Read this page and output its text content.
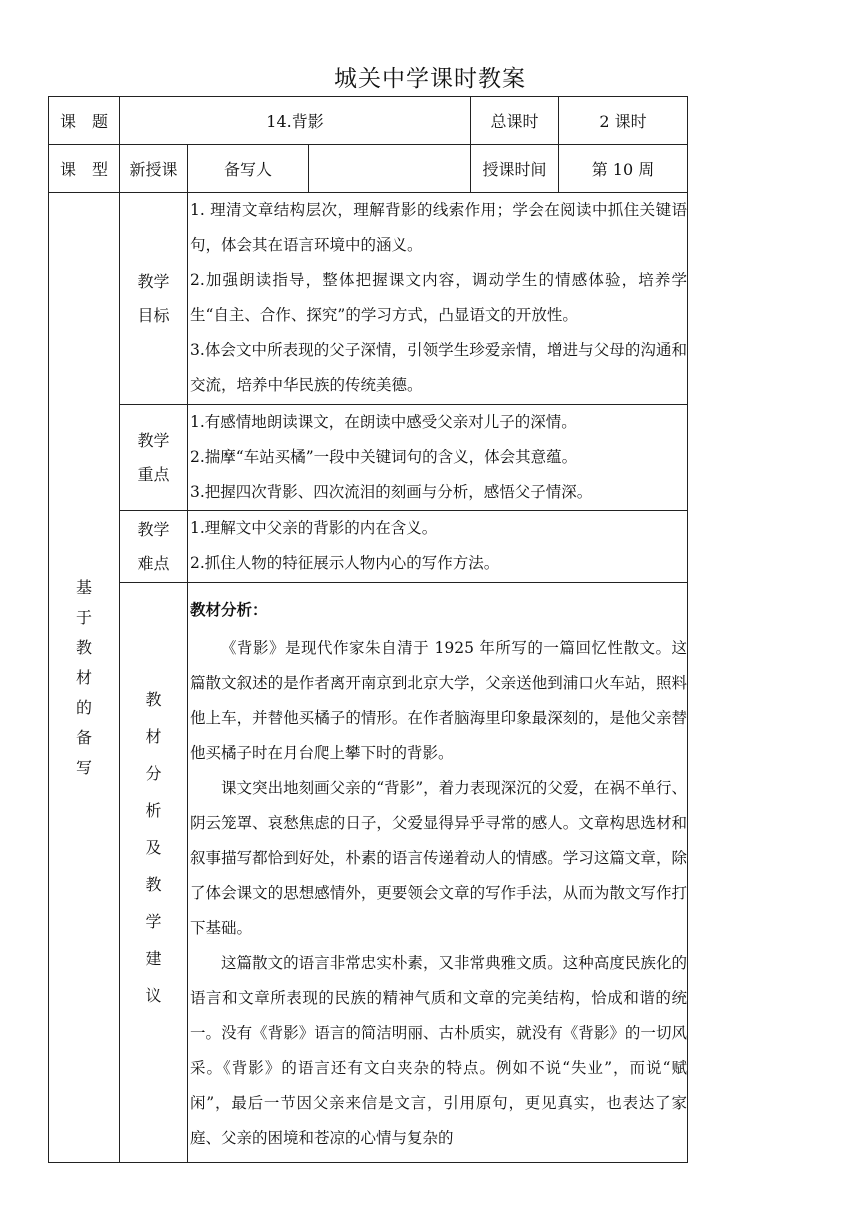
城关中学课时教案
课　题	14.背影			总课时	2 课时
课　型	新授课	备写人		授课时间	第 10 周

基于教材的备写	教学目标	1. 理清文章结构层次，理解背影的线索作用；学会在阅读中抓住关键语句，体会其在语言环境中的涵义。

2.加强朗读指导，整体把握课文内容，调动学生的情感体验，培养学生“自主、合作、探究”的学习方式，凸显语文的开放性。

3.体会文中所表现的父子深情，引领学生珍爱亲情，增进与父母的沟通和交流，培养中华民族的传统美德。			

	教学重点	1.有感情地朗读课文，在朗读中感受父亲对儿子的深情。

2.揣摩“车站买橘”一段中关键词句的含义，体会其意蕴。

3.把握四次背影、四次流泪的刻画与分析，感悟父子情深。			

	教学难点	1.理解文中父亲的背影的内在含义。

2.抓住人物的特征展示人物内心的写作方法。			

	教材分析及教学建议	教材分析：

《背影》是现代作家朱自清于 1925 年所写的一篇回忆性散文。这篇散文叙述的是作者离开南京到北京大学，父亲送他到浦口火车站，照料他上车，并替他买橘子的情形。在作者脑海里印象最深刻的，是他父亲替他买橘子时在月台爬上攀下时的背影。

课文突出地刻画父亲的“背影”，着力表现深沉的父爱，在祸不单行、阴云笼罩、哀愁焦虑的日子，父爱显得异乎寻常的感人。文章构思选材和叙事描写都恰到好处，朴素的语言传递着动人的情感。学习这篇文章，除了体会课文的思想感情外，更要领会文章的写作手法，从而为散文写作打下基础。

这篇散文的语言非常忠实朴素，又非常典雅文质。这种高度民族化的语言和文章所表现的民族的精神气质和文章的完美结构，恰成和谐的统一。没有《背影》语言的简洁明丽、古朴质实，就没有《背影》的一切风采。《背影》的语言还有文白夹杂的特点。例如不说“失业”，而说“赋闲”，最后一节因父亲来信是文言，引用原句，更见真实，也表达了家庭、父亲的困境和苍凉的心情与复杂的			
